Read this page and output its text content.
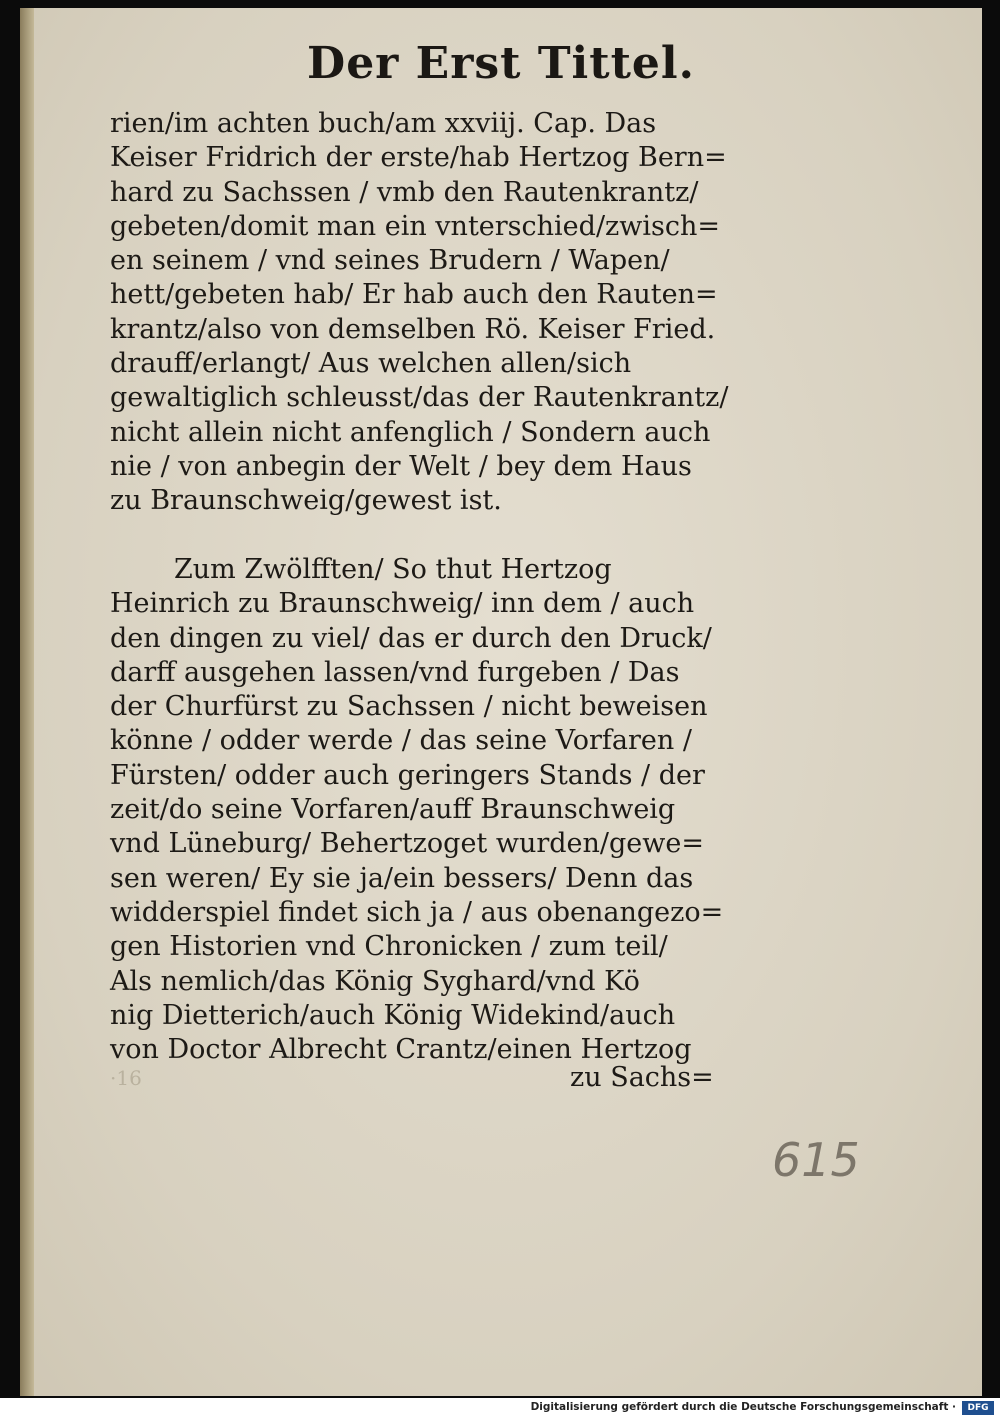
Der Erst Tittel.
rien/im achten buch/am xxviij. Cap. Das
Keiser Fridrich der erste/hab Hertzog Bern=
hard zu Sachssen / vmb den Rautenkrantz/
gebeten/domit man ein vnterschied/zwisch=
en seinem / vnd seines Brudern / Wapen/
hett/gebeten hab/ Er hab auch den Rauten=
krantz/also von demselben Rö. Keiser Fried.
drauff/erlangt/ Aus welchen allen/sich
gewaltiglich schleusst/das der Rautenkrantz/
nicht allein nicht anfenglich / Sondern auch
nie / von anbegin der Welt / bey dem Haus
zu Braunschweig/gewest ist.
Zum Zwölfften/ So thut Hertzog
Heinrich zu Braunschweig/ inn dem / auch
den dingen zu viel/ das er durch den Druck/
darff ausgehen lassen/vnd furgeben / Das
der Churfürst zu Sachssen / nicht beweisen
könne / odder werde / das seine Vorfaren /
Fürsten/ odder auch geringers Stands / der
zeit/do seine Vorfaren/auff Braunschweig
vnd Lüneburg/ Behertzoget wurden/gewe=
sen weren/ Ey sie ja/ein bessers/ Denn das
widderspiel findet sich ja / aus obenangezo=
gen Historien vnd Chronicken / zum teil/
Als nemlich/das König Syghard/vnd Kö
nig Dietterich/auch König Widekind/auch
von Doctor Albrecht Crantz/einen Hertzog
·16	zu Sachs=
615
Digitalisierung gefördert durch die Deutsche Forschungsgemeinschaft ·	DFG
